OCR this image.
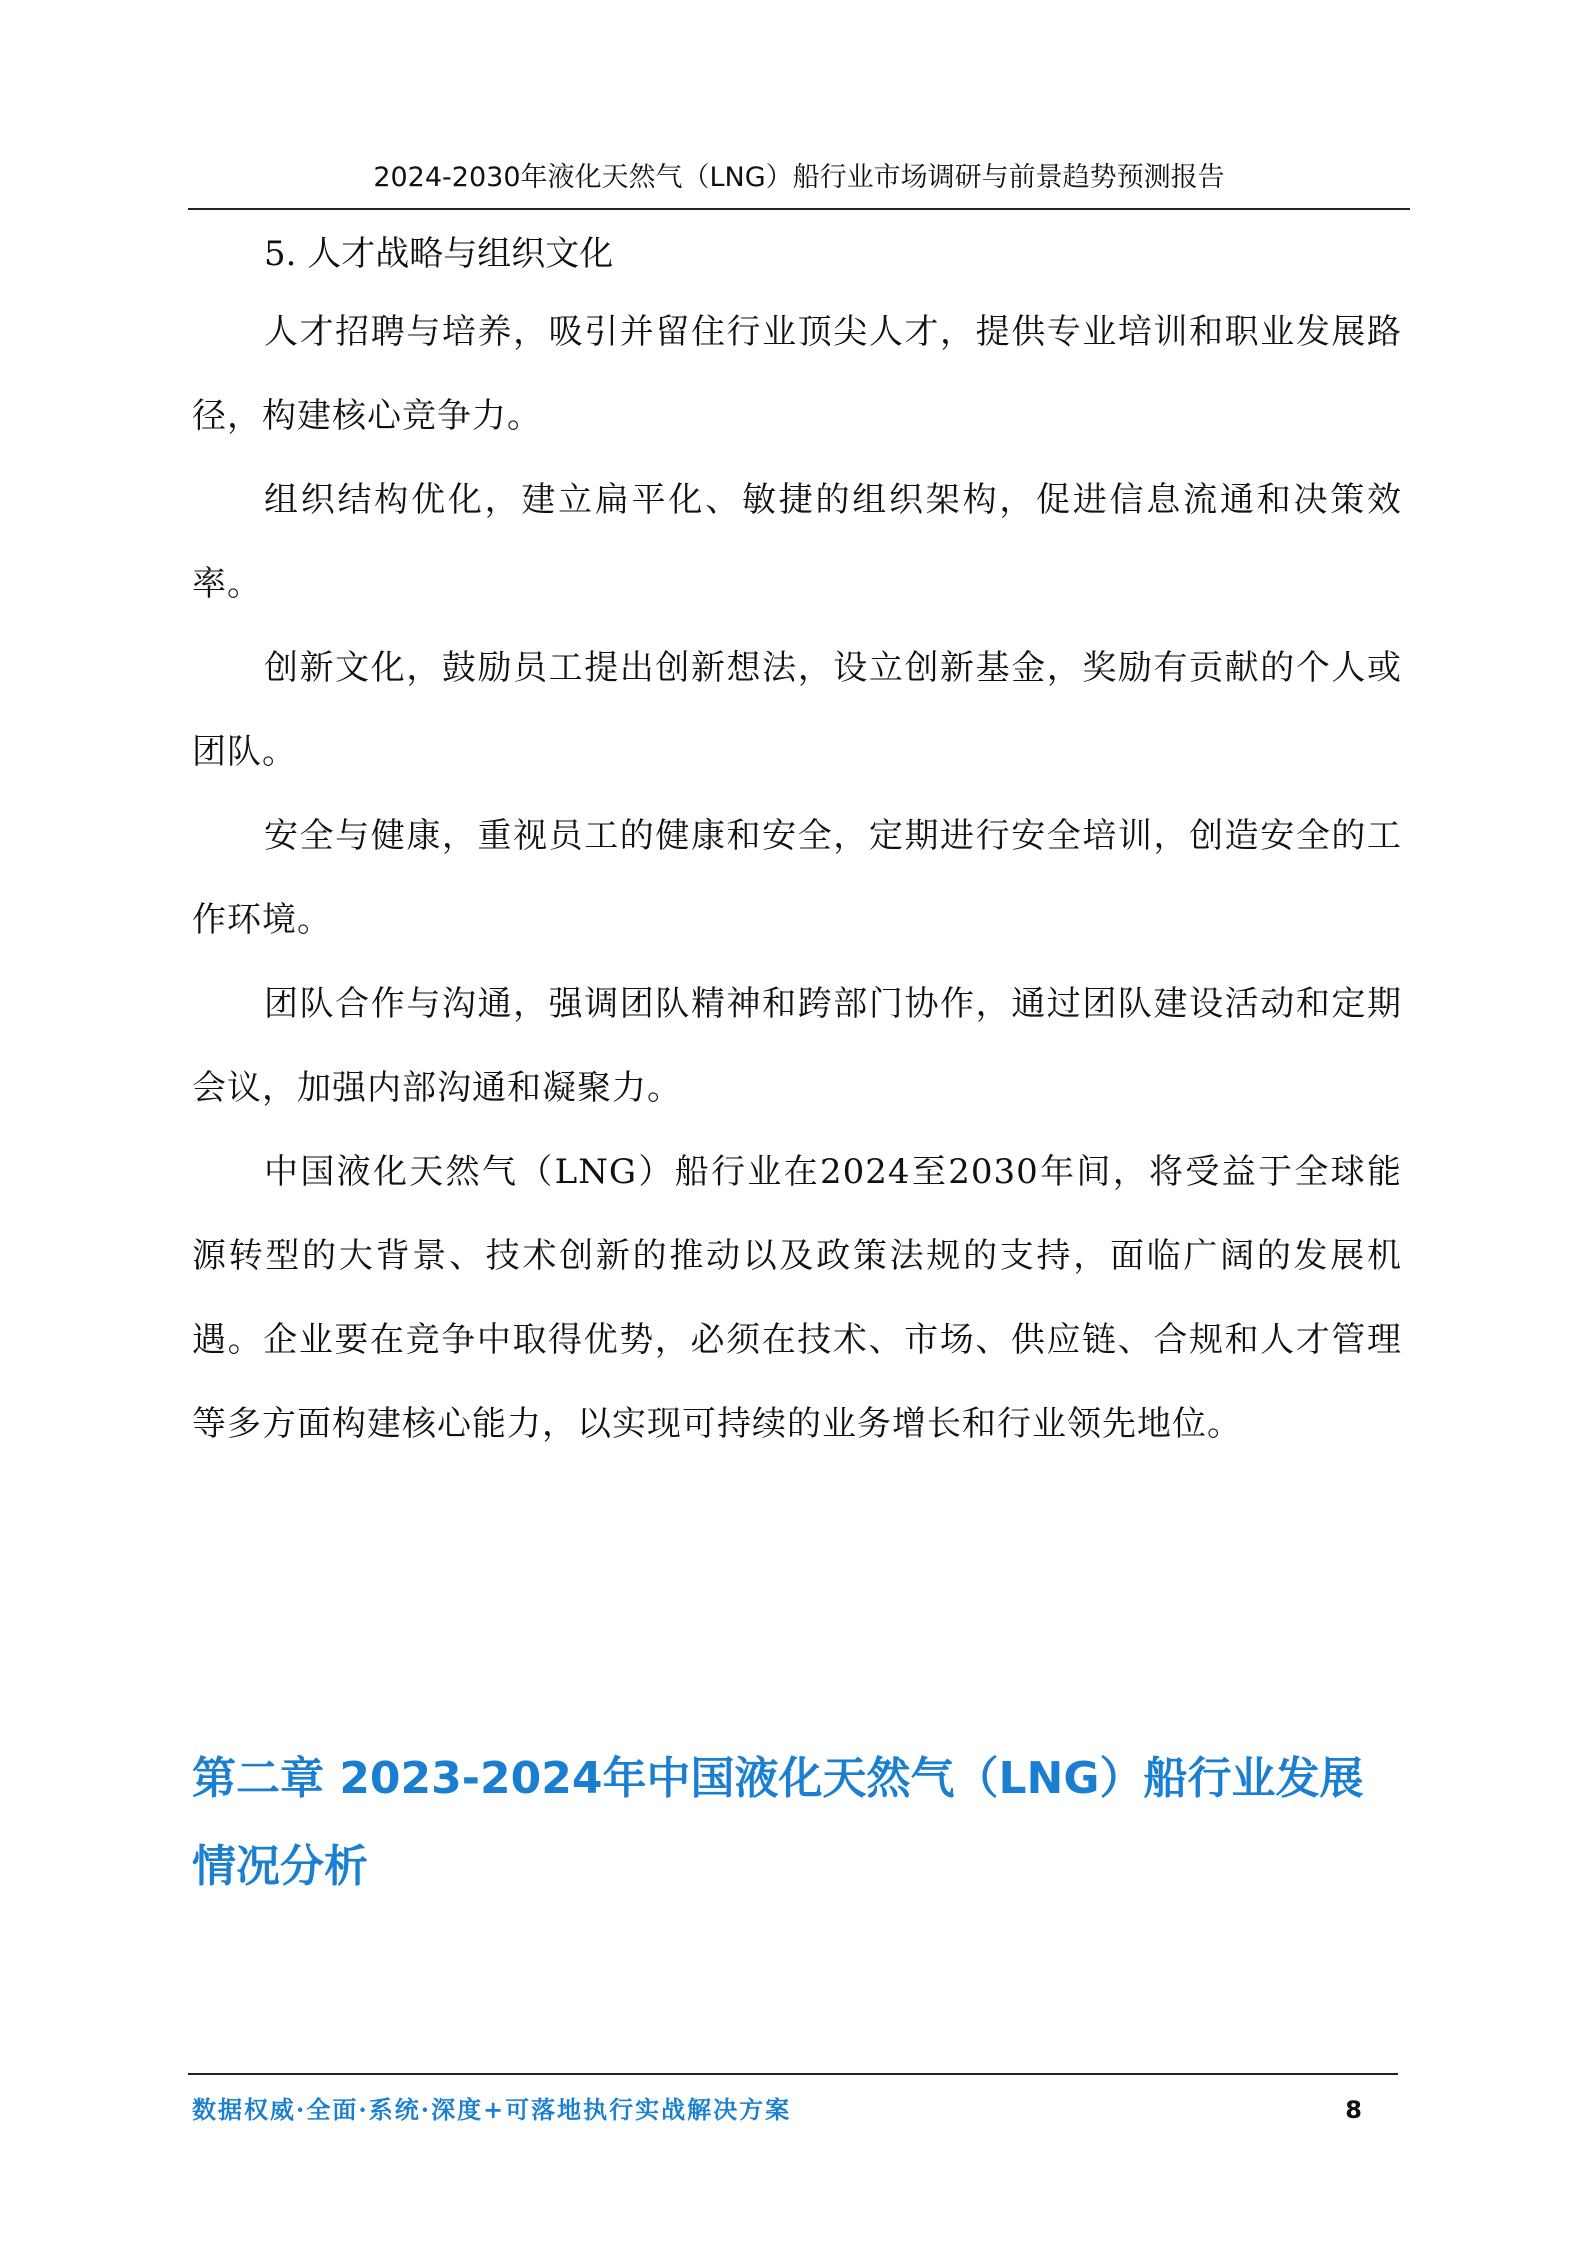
2024-2030年液化天然气（LNG）船行业市场调研与前景趋势预测报告

5. 人才战略与组织文化

人才招聘与培养，吸引并留住行业顶尖人才，提供专业培训和职业发展路径，构建核心竞争力。

组织结构优化，建立扁平化、敏捷的组织架构，促进信息流通和决策效率。

创新文化，鼓励员工提出创新想法，设立创新基金，奖励有贡献的个人或团队。

安全与健康，重视员工的健康和安全，定期进行安全培训，创造安全的工作环境。

团队合作与沟通，强调团队精神和跨部门协作，通过团队建设活动和定期会议，加强内部沟通和凝聚力。

中国液化天然气（LNG）船行业在2024至2030年间，将受益于全球能源转型的大背景、技术创新的推动以及政策法规的支持，面临广阔的发展机遇。企业要在竞争中取得优势，必须在技术、市场、供应链、合规和人才管理等多方面构建核心能力，以实现可持续的业务增长和行业领先地位。

第二章 2023-2024年中国液化天然气（LNG）船行业发展情况分析
数据权威·全面·系统·深度+可落地执行实战解决方案	8
